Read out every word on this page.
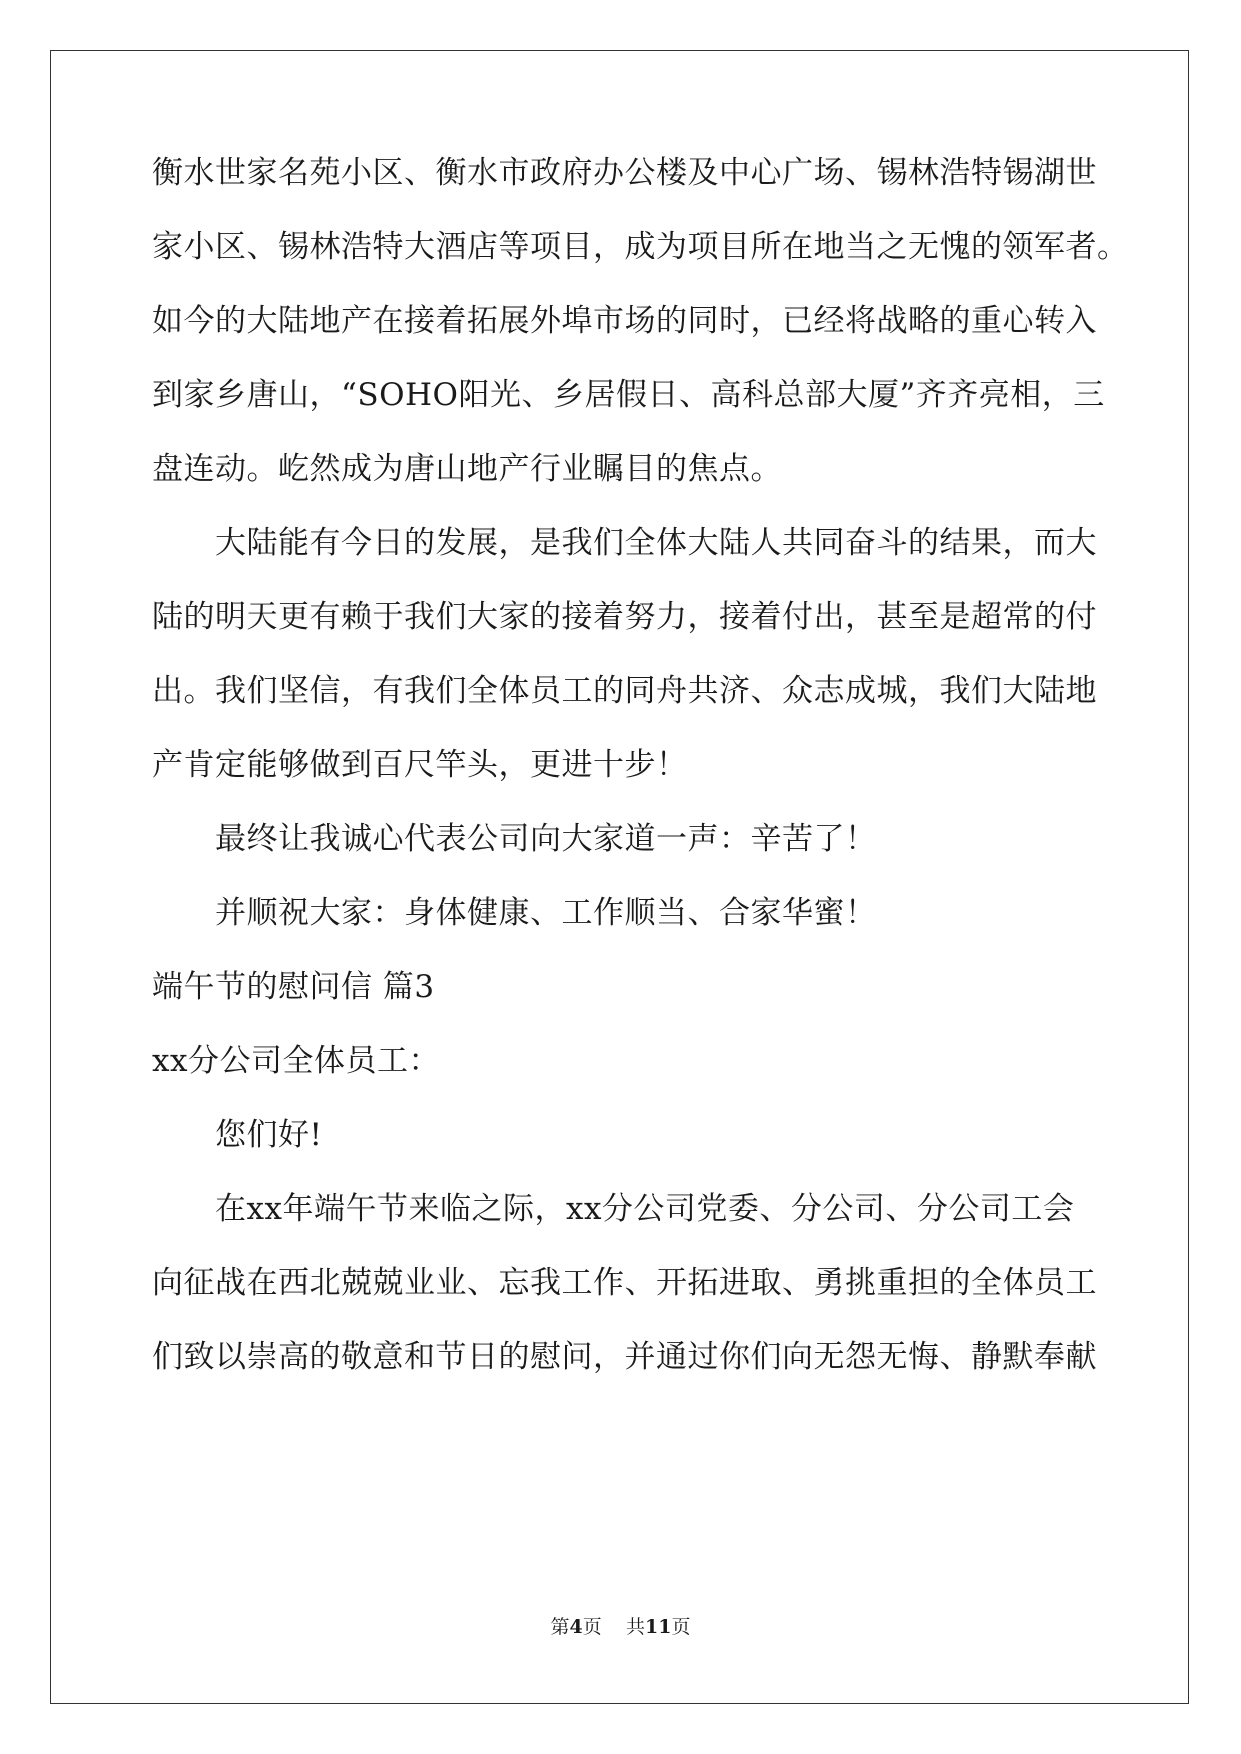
衡水世家名苑小区、衡水市政府办公楼及中心广场、锡林浩特锡湖世
家小区、锡林浩特大酒店等项目，成为项目所在地当之无愧的领军者。
如今的大陆地产在接着拓展外埠市场的同时，已经将战略的重心转入
到家乡唐山，“SOHO阳光、乡居假日、高科总部大厦”齐齐亮相，三
盘连动。屹然成为唐山地产行业瞩目的焦点。
大陆能有今日的发展，是我们全体大陆人共同奋斗的结果，而大
陆的明天更有赖于我们大家的接着努力，接着付出，甚至是超常的付
出。我们坚信，有我们全体员工的同舟共济、众志成城，我们大陆地
产肯定能够做到百尺竿头，更进十步！
最终让我诚心代表公司向大家道一声：辛苦了！
并顺祝大家：身体健康、工作顺当、合家华蜜！
端午节的慰问信 篇3
xx分公司全体员工：
您们好!
在xx年端午节来临之际，xx分公司党委、分公司、分公司工会
向征战在西北兢兢业业、忘我工作、开拓进取、勇挑重担的全体员工
们致以崇高的敬意和节日的慰问，并通过你们向无怨无悔、静默奉献
第4页 共11页
